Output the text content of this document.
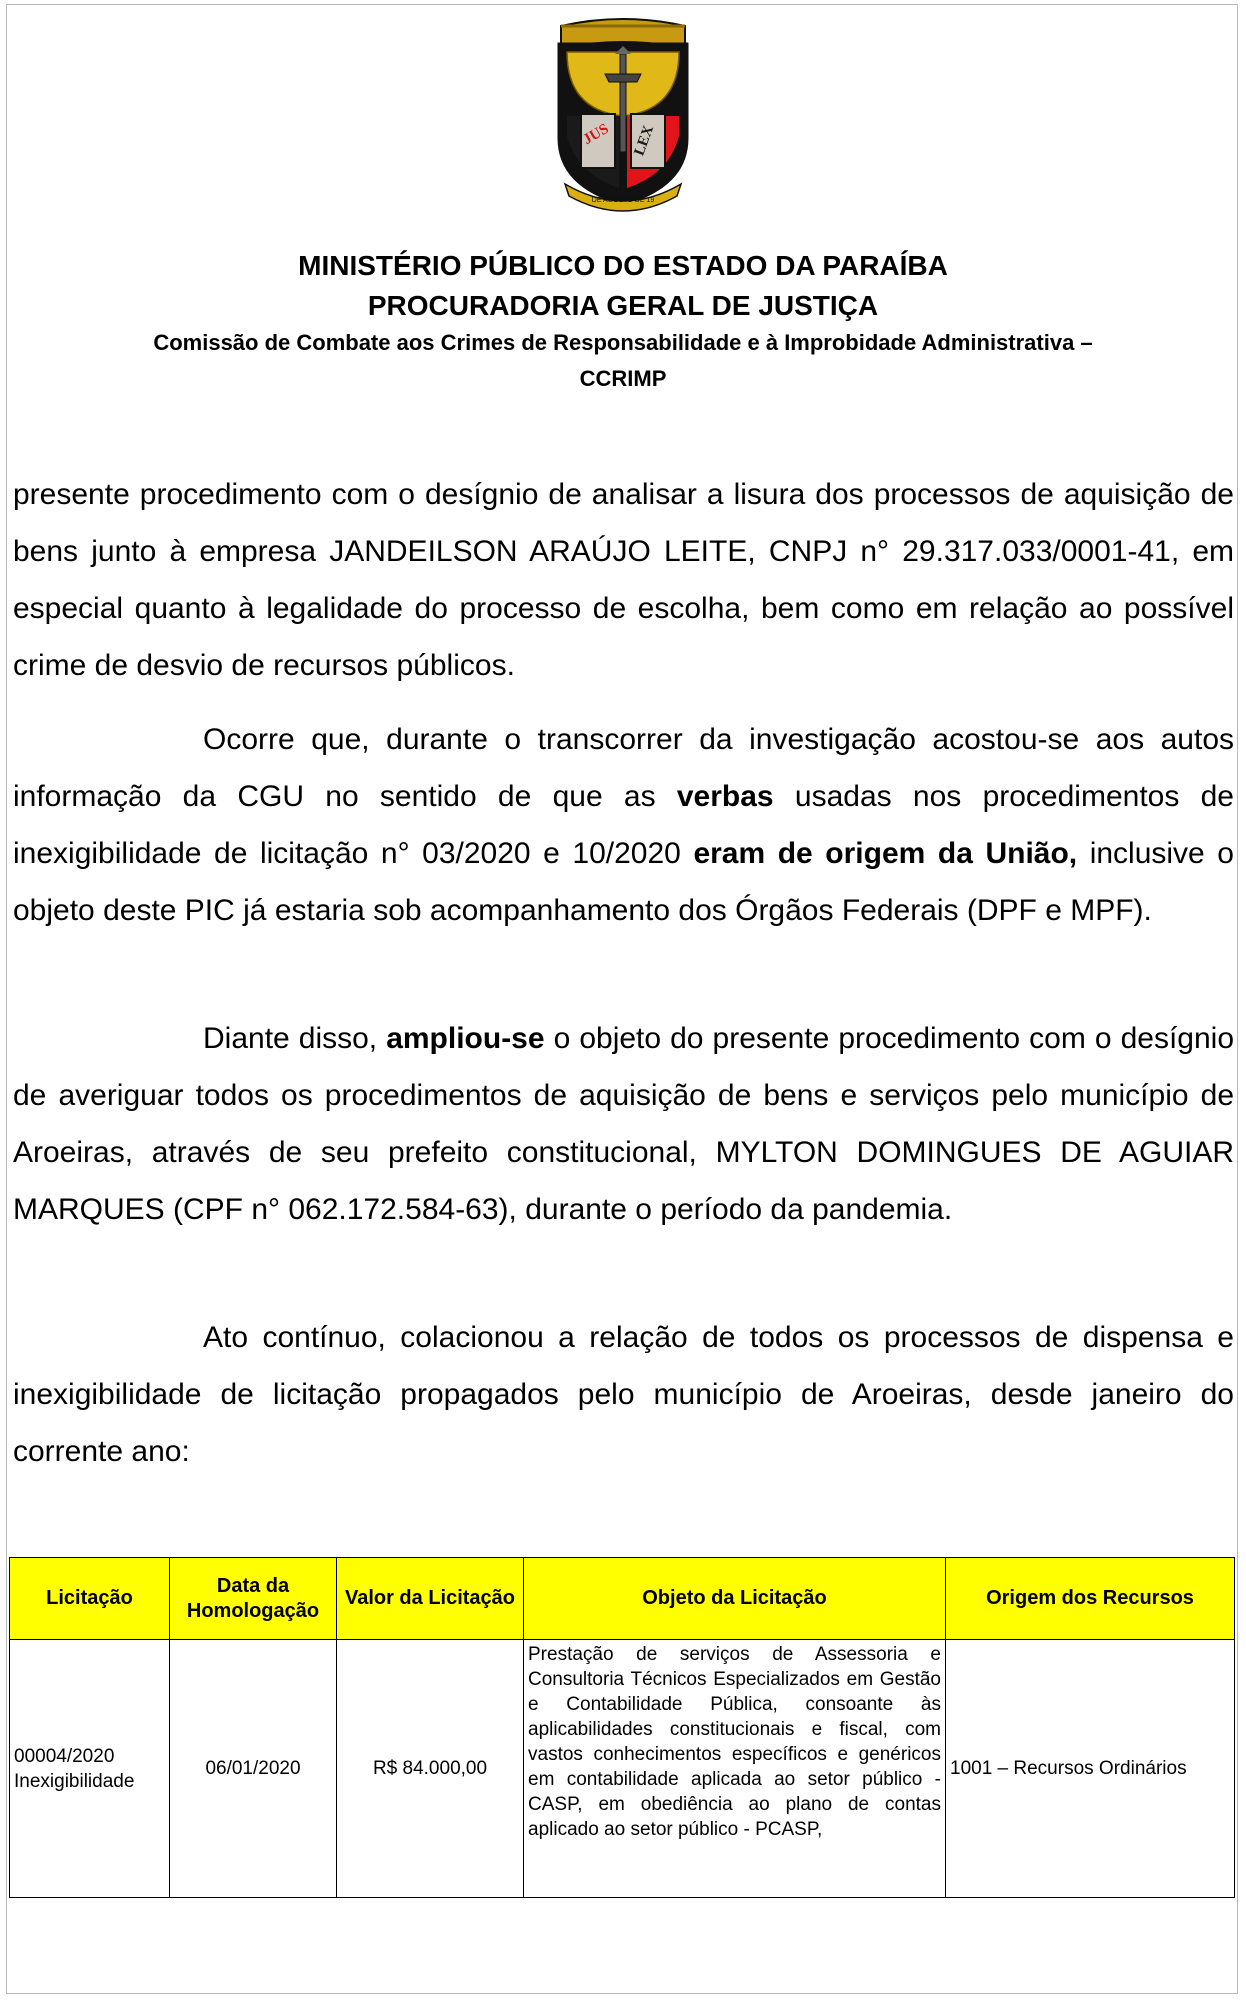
JUS LEX
DE AGOSTO DE 19
MINISTÉRIO PÚBLICO DO ESTADO DA PARAÍBA
PROCURADORIA GERAL DE JUSTIÇA
Comissão de Combate aos Crimes de Responsabilidade e à Improbidade Administrativa –
CCRIMP

presente procedimento com o desígnio de analisar a lisura dos processos de aquisição de bens junto à empresa JANDEILSON ARAÚJO LEITE, CNPJ n° 29.317.033/0001-41, em especial quanto à legalidade do processo de escolha, bem como em relação ao possível crime de desvio de recursos públicos.

Ocorre que, durante o transcorrer da investigação acostou-se aos autos informação da CGU no sentido de que as verbas usadas nos procedimentos de inexigibilidade de licitação n° 03/2020 e 10/2020 eram de origem da União, inclusive o objeto deste PIC já estaria sob acompanhamento dos Órgãos Federais (DPF e MPF).

Diante disso, ampliou-se o objeto do presente procedimento com o desígnio de averiguar todos os procedimentos de aquisição de bens e serviços pelo município de Aroeiras, através de seu prefeito constitucional, MYLTON DOMINGUES DE AGUIAR MARQUES (CPF n° 062.172.584-63), durante o período da pandemia.

Ato contínuo, colacionou a relação de todos os processos de dispensa e inexigibilidade de licitação propagados pelo município de Aroeiras, desde janeiro do corrente ano:

Licitação	Data da Homologação	Valor da Licitação	Objeto da Licitação	Origem dos Recursos

00004/2020
Inexigibilidade	06/01/2020	R$ 84.000,00	Prestação de serviços de Assessoria e Consultoria Técnicos Especializados em Gestão e Contabilidade Pública, consoante às aplicabilidades constitucionais e fiscal, com vastos conhecimentos específicos e genéricos em contabilidade aplicada ao setor público - CASP, em obediência ao plano de contas aplicado ao setor público - PCASP,	1001 – Recursos Ordinários
